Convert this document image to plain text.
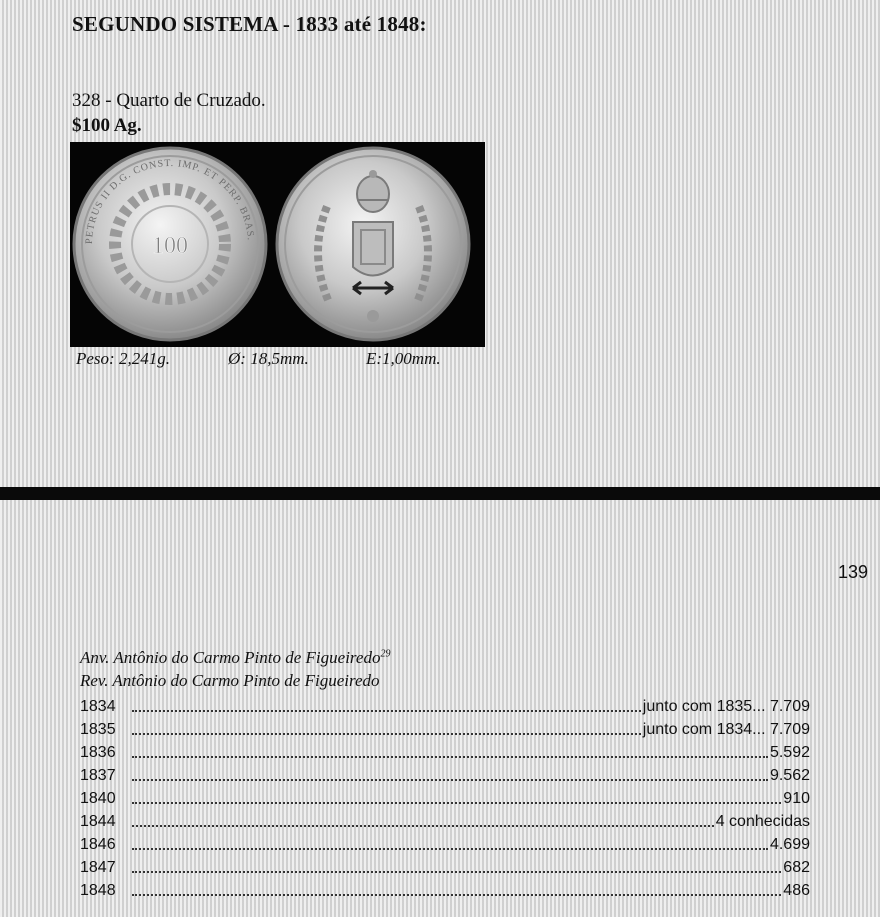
SEGUNDO SISTEMA - 1833 até 1848:
328 - Quarto de Cruzado.
$100 Ag.
PETRUS II D.G. CONST. IMP. ET PERP. BRAS.
100
Peso: 2,241g.	Ø: 18,5mm.	E:1,00mm.
139
Anv. Antônio do Carmo Pinto de Figueiredo$^{29}$
Rev. Antônio do Carmo Pinto de Figueiredo
1834	junto com 1835... 7.709
1835	junto com 1834... 7.709
1836	5.592
1837	9.562
1840	910
1844	4 conhecidas
1846	4.699
1847	682
1848	486
